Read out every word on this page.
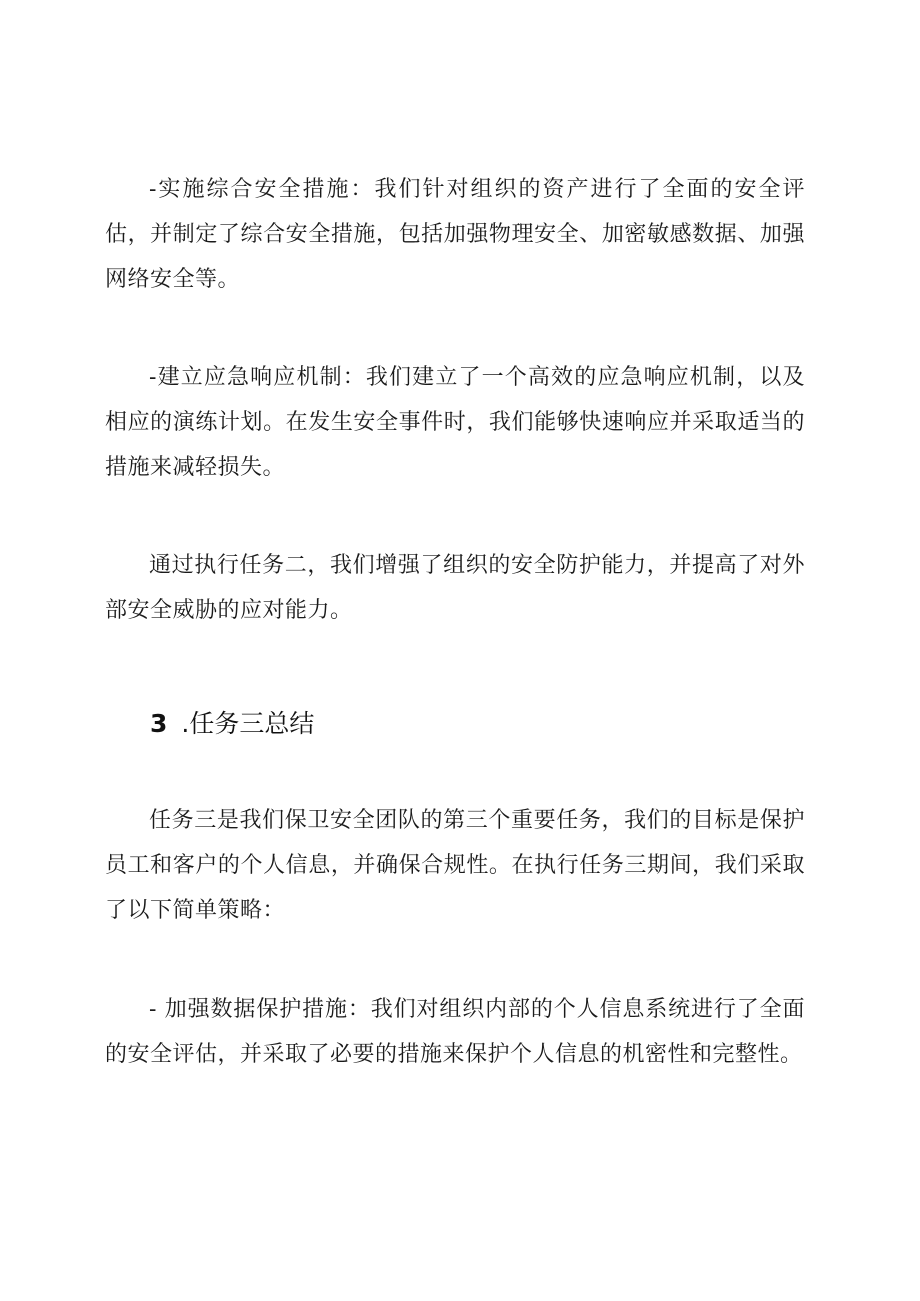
-实施综合安全措施：我们针对组织的资产进行了全面的安全评估，并制定了综合安全措施，包括加强物理安全、加密敏感数据、加强网络安全等。

-建立应急响应机制：我们建立了一个高效的应急响应机制，以及相应的演练计划。在发生安全事件时，我们能够快速响应并采取适当的措施来减轻损失。

通过执行任务二，我们增强了组织的安全防护能力，并提高了对外部安全威胁的应对能力。

3 .任务三总结

任务三是我们保卫安全团队的第三个重要任务，我们的目标是保护员工和客户的个人信息，并确保合规性。在执行任务三期间，我们采取了以下简单策略：

- 加强数据保护措施：我们对组织内部的个人信息系统进行了全面的安全评估，并采取了必要的措施来保护个人信息的机密性和完整性。
